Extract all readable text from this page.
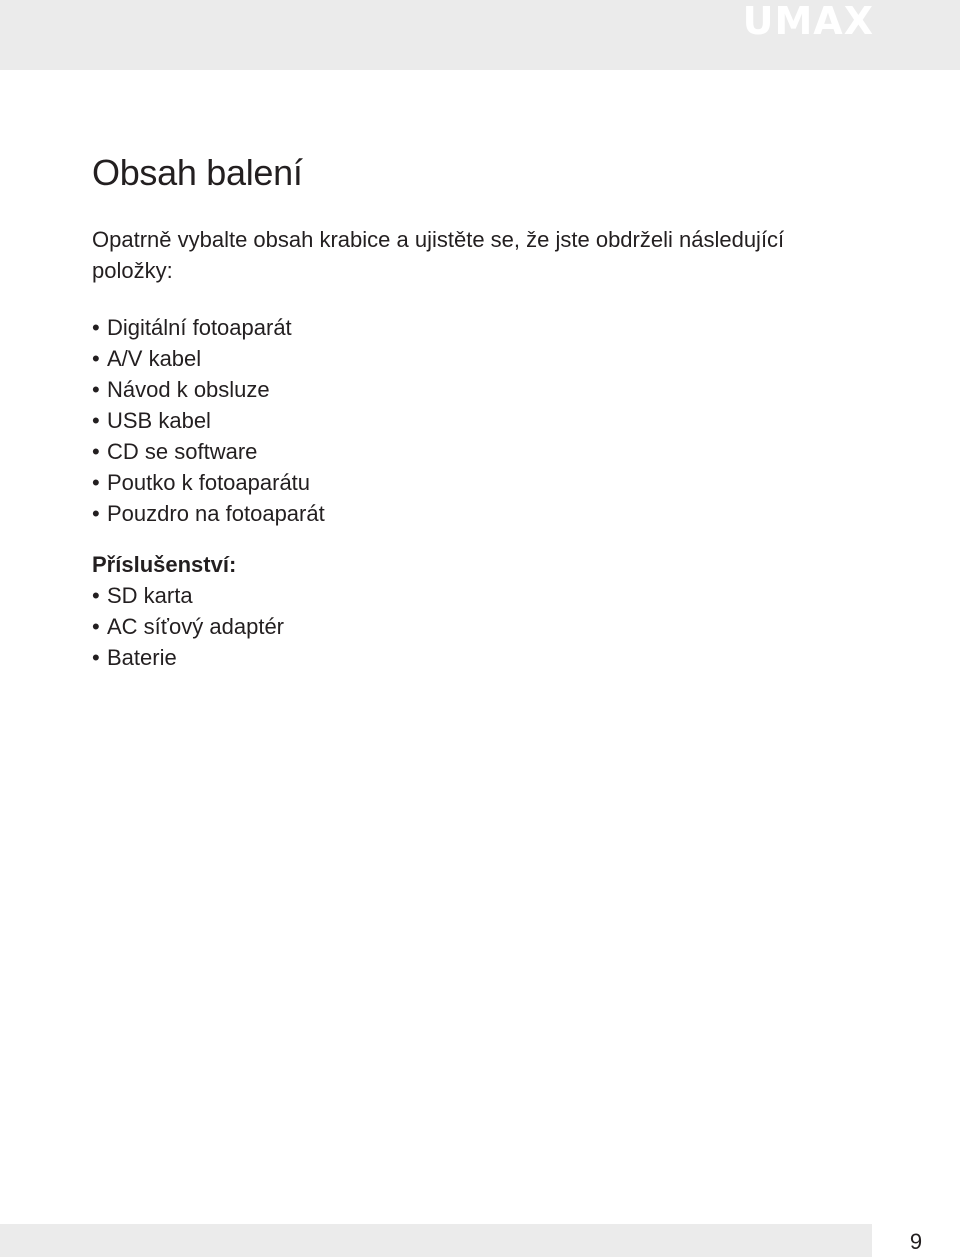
UMAX
Obsah balení

Opatrně vybalte obsah krabice a ujistěte se, že jste obdrželi následující položky:

• Digitální fotoaparát
• A/V kabel
• Návod k obsluze
• USB kabel
• CD se software
• Poutko k fotoaparátu
• Pouzdro na fotoaparát
Příslušenství:
• SD karta
• AC síťový adaptér
• Baterie
9
